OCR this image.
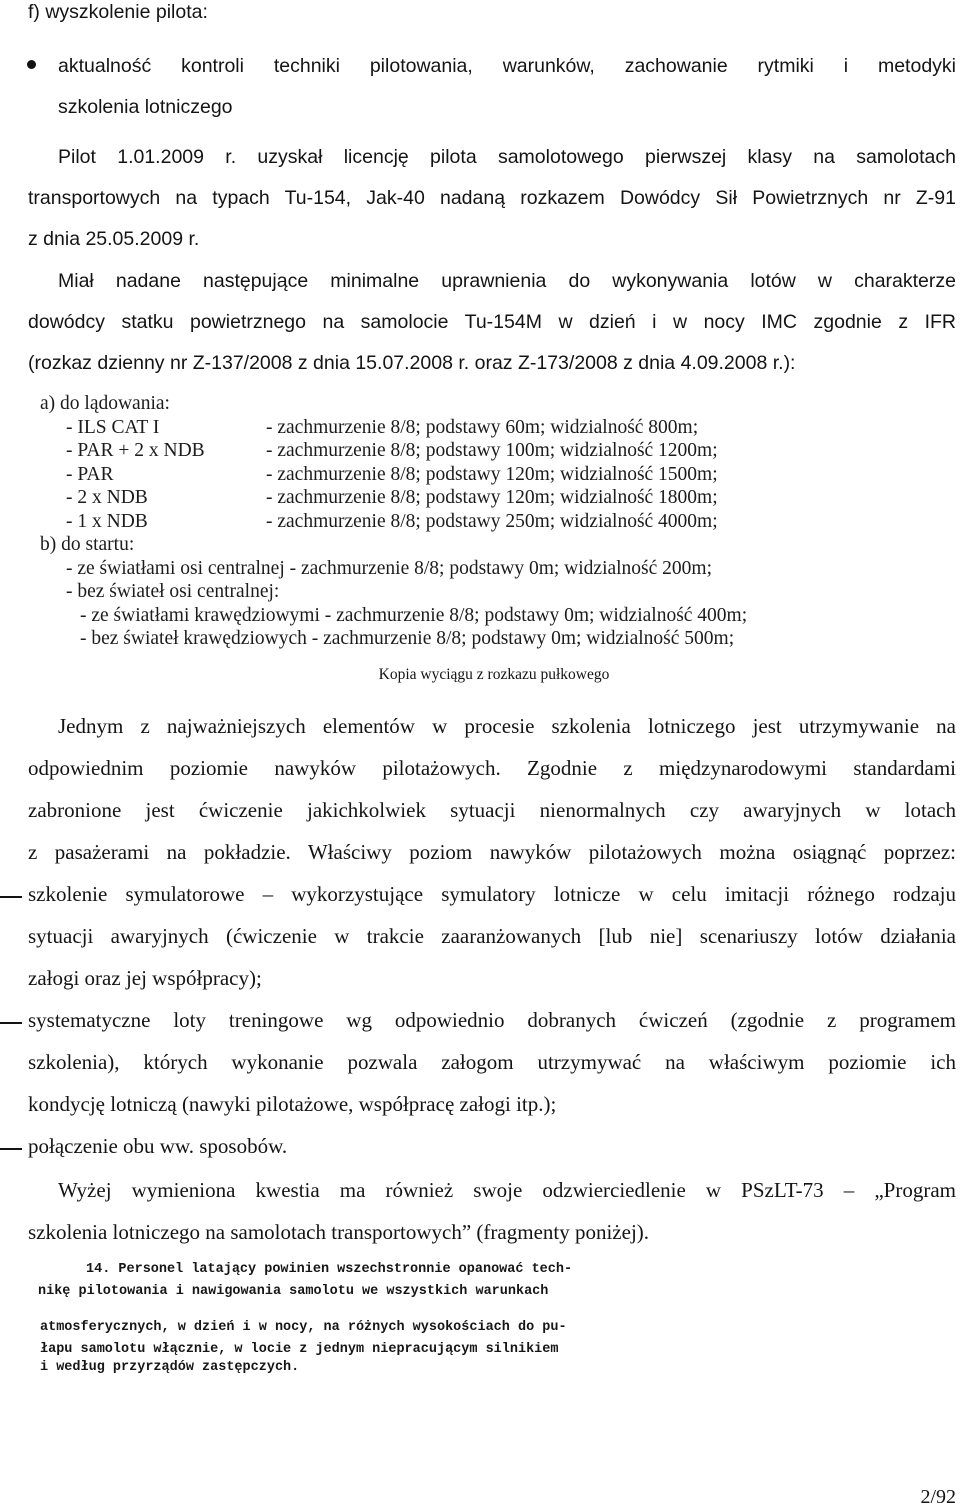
f) wyszkolenie pilota:
aktualność kontroli techniki pilotowania, warunków, zachowanie rytmiki i metodyki
szkolenia lotniczego
Pilot 1.01.2009 r. uzyskał licencję pilota samolotowego pierwszej klasy na samolotach
transportowych na typach Tu-154, Jak-40 nadaną rozkazem Dowódcy Sił Powietrznych nr Z-91
z dnia 25.05.2009 r.
Miał nadane następujące minimalne uprawnienia do wykonywania lotów w charakterze
dowódcy statku powietrznego na samolocie Tu-154M w dzień i w nocy IMC zgodnie z IFR
(rozkaz dzienny nr Z-137/2008 z dnia 15.07.2008 r. oraz Z-173/2008 z dnia 4.09.2008 r.):
a) do lądowania:
- ILS CAT I	- zachmurzenie 8/8; podstawy 60m; widzialność 800m;
- PAR + 2 x NDB	- zachmurzenie 8/8; podstawy 100m; widzialność 1200m;
- PAR	- zachmurzenie 8/8; podstawy 120m; widzialność 1500m;
- 2 x NDB	- zachmurzenie 8/8; podstawy 120m; widzialność 1800m;
- 1 x NDB	- zachmurzenie 8/8; podstawy 250m; widzialność 4000m;
b) do startu:
- ze światłami osi centralnej - zachmurzenie 8/8; podstawy 0m; widzialność 200m;
- bez świateł osi centralnej:
- ze światłami krawędziowymi - zachmurzenie 8/8; podstawy 0m; widzialność 400m;
- bez świateł krawędziowych - zachmurzenie 8/8; podstawy 0m; widzialność 500m;
Kopia wyciągu z rozkazu pułkowego
Jednym z najważniejszych elementów w procesie szkolenia lotniczego jest utrzymywanie na
odpowiednim poziomie nawyków pilotażowych. Zgodnie z międzynarodowymi standardami
zabronione jest ćwiczenie jakichkolwiek sytuacji nienormalnych czy awaryjnych w lotach
z pasażerami na pokładzie. Właściwy poziom nawyków pilotażowych można osiągnąć poprzez:
szkolenie symulatorowe – wykorzystujące symulatory lotnicze w celu imitacji różnego rodzaju
sytuacji awaryjnych (ćwiczenie w trakcie zaaranżowanych [lub nie] scenariuszy lotów działania
załogi oraz jej współpracy);
systematyczne loty treningowe wg odpowiednio dobranych ćwiczeń (zgodnie z programem
szkolenia), których wykonanie pozwala załogom utrzymywać na właściwym poziomie ich
kondycję lotniczą (nawyki pilotażowe, współpracę załogi itp.);
połączenie obu ww. sposobów.
Wyżej wymieniona kwestia ma również swoje odzwierciedlenie w PSzLT-73 – „Program
szkolenia lotniczego na samolotach transportowych” (fragmenty poniżej).
14. Personel latający powinien wszechstronnie opanować tech-
nikę pilotowania i nawigowania samolotu we wszystkich warunkach
atmosferycznych, w dzień i w nocy, na różnych wysokościach do pu-
łapu samolotu włącznie, w locie z jednym niepracującym silnikiem
i według przyrządów zastępczych.
2/92
